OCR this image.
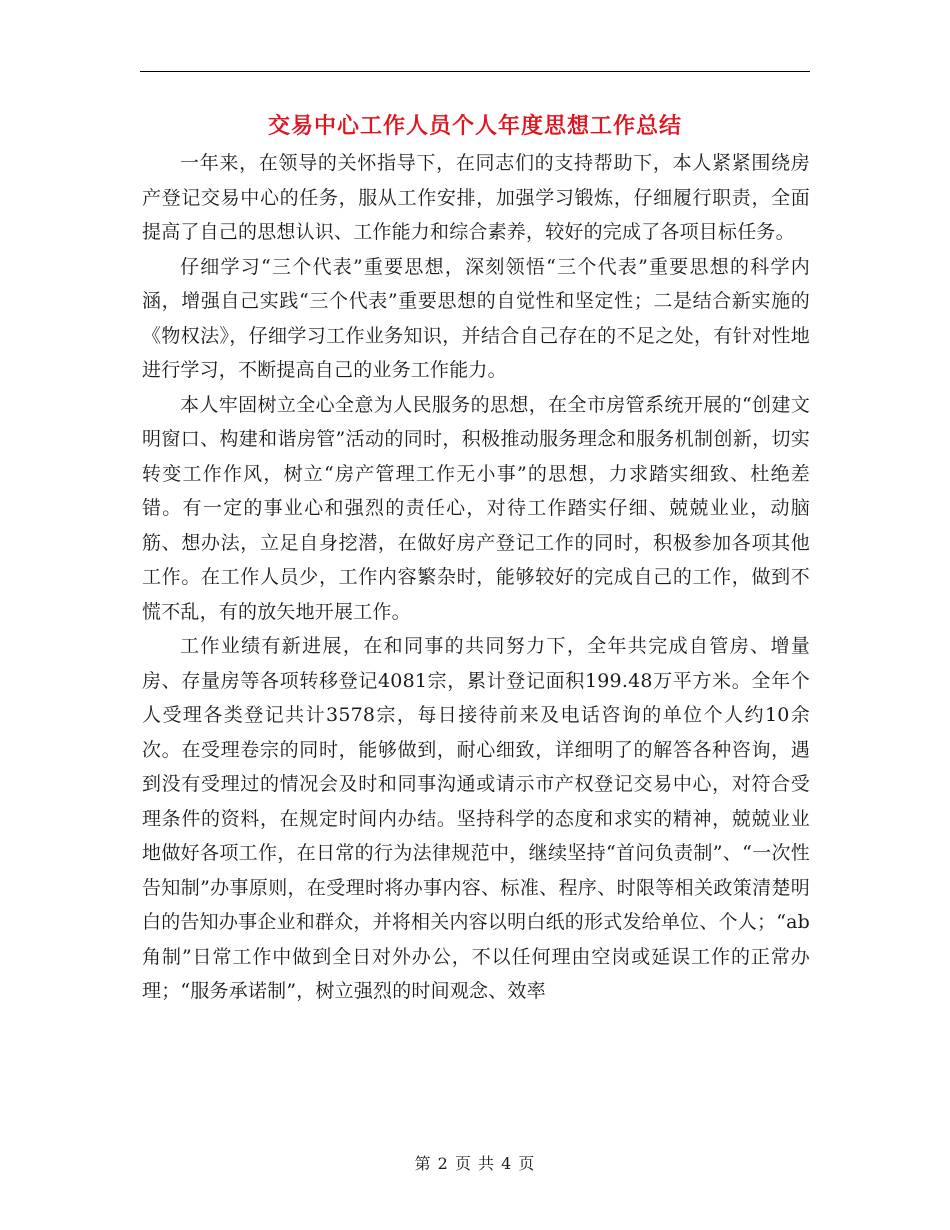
交易中心工作人员个人年度思想工作总结

一年来，在领导的关怀指导下，在同志们的支持帮助下，本人紧紧围绕房产登记交易中心的任务，服从工作安排，加强学习锻炼，仔细履行职责，全面提高了自己的思想认识、工作能力和综合素养，较好的完成了各项目标任务。

仔细学习“三个代表”重要思想，深刻领悟“三个代表”重要思想的科学内涵，增强自己实践“三个代表”重要思想的自觉性和坚定性；二是结合新实施的《物权法》，仔细学习工作业务知识，并结合自己存在的不足之处，有针对性地进行学习，不断提高自己的业务工作能力。

本人牢固树立全心全意为人民服务的思想，在全市房管系统开展的“创建文明窗口、构建和谐房管”活动的同时，积极推动服务理念和服务机制创新，切实转变工作作风，树立“房产管理工作无小事”的思想，力求踏实细致、杜绝差错。有一定的事业心和强烈的责任心，对待工作踏实仔细、兢兢业业，动脑筋、想办法，立足自身挖潜，在做好房产登记工作的同时，积极参加各项其他工作。在工作人员少，工作内容繁杂时，能够较好的完成自己的工作，做到不慌不乱，有的放矢地开展工作。

工作业绩有新进展，在和同事的共同努力下，全年共完成自管房、增量房、存量房等各项转移登记4081宗，累计登记面积199.48万平方米。全年个人受理各类登记共计3578宗，每日接待前来及电话咨询的单位个人约10余次。在受理卷宗的同时，能够做到，耐心细致，详细明了的解答各种咨询，遇到没有受理过的情况会及时和同事沟通或请示市产权登记交易中心，对符合受理条件的资料，在规定时间内办结。坚持科学的态度和求实的精神，兢兢业业地做好各项工作，在日常的行为法律规范中，继续坚持“首问负责制”、“一次性告知制”办事原则，在受理时将办事内容、标准、程序、时限等相关政策清楚明白的告知办事企业和群众，并将相关内容以明白纸的形式发给单位、个人；“ab角制”日常工作中做到全日对外办公，不以任何理由空岗或延误工作的正常办理；“服务承诺制”，树立强烈的时间观念、效率

第 2 页 共 4 页
